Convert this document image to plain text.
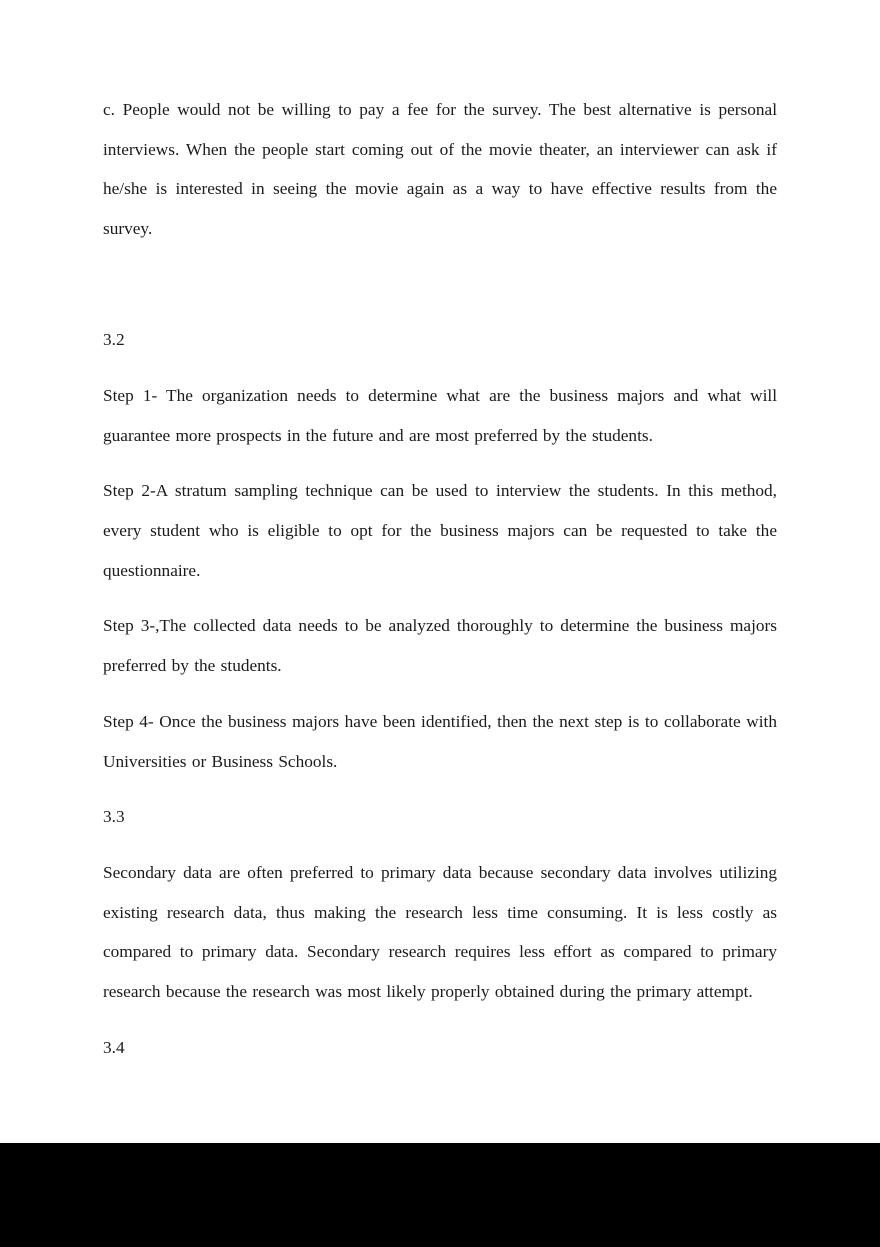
c. People would not be willing to pay a fee for the survey. The best alternative is personal interviews. When the people start coming out of the movie theater, an interviewer can ask if he/she is interested in seeing the movie again as a way to have effective results from the survey.

3.2

Step 1- The organization needs to determine what are the business majors and what will guarantee more prospects in the future and are most preferred by the students.

Step 2-A stratum sampling technique can be used to interview the students. In this method, every student who is eligible to opt for the business majors can be requested to take the questionnaire.

Step 3-,The collected data needs to be analyzed thoroughly to determine the business majors preferred by the students.

Step 4- Once the business majors have been identified, then the next step is to collaborate with Universities or Business Schools.

3.3

Secondary data are often preferred to primary data because secondary data involves utilizing existing research data, thus making the research less time consuming. It is less costly as compared to primary data. Secondary research requires less effort as compared to primary research because the research was most likely properly obtained during the primary attempt.

3.4
